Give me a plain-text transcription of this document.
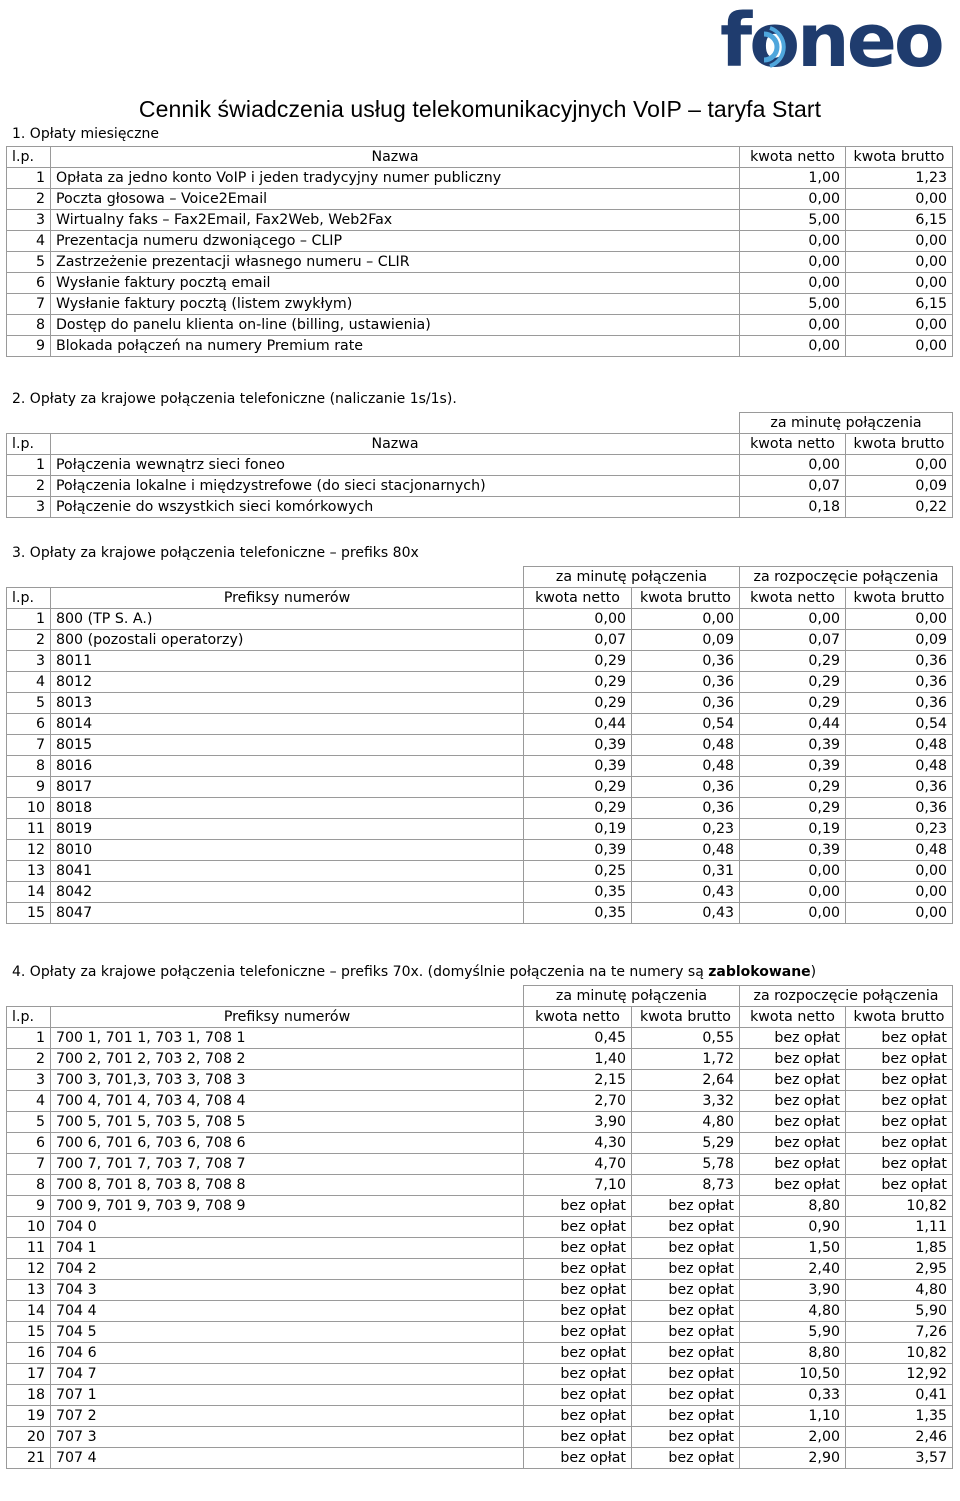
foneo
Cennik świadczenia usług telekomunikacyjnych VoIP – taryfa Start
1. Opłaty miesięczne
l.p.	Nazwa	kwota netto	kwota brutto
1	Opłata za jedno konto VoIP i jeden tradycyjny numer publiczny	1,00	1,23
2	Poczta głosowa – Voice2Email	0,00	0,00
3	Wirtualny faks – Fax2Email, Fax2Web, Web2Fax	5,00	6,15
4	Prezentacja numeru dzwoniącego – CLIP	0,00	0,00
5	Zastrzeżenie prezentacji własnego numeru – CLIR	0,00	0,00
6	Wysłanie faktury pocztą email	0,00	0,00
7	Wysłanie faktury pocztą (listem zwykłym)	5,00	6,15
8	Dostęp do panelu klienta on-line (billing, ustawienia)	0,00	0,00
9	Blokada połączeń na numery Premium rate	0,00	0,00
2. Opłaty za krajowe połączenia telefoniczne (naliczanie 1s/1s).
		za minutę połączenia	
l.p.	Nazwa	kwota netto	kwota brutto
1	Połączenia wewnątrz sieci foneo	0,00	0,00
2	Połączenia lokalne i międzystrefowe (do sieci stacjonarnych)	0,07	0,09
3	Połączenie do wszystkich sieci komórkowych	0,18	0,22
3. Opłaty za krajowe połączenia telefoniczne – prefiks 80x
		za minutę połączenia		za rozpoczęcie połączenia	
l.p.	Prefiksy numerów	kwota netto	kwota brutto	kwota netto	kwota brutto
1	800 (TP S. A.)	0,00	0,00	0,00	0,00
2	800 (pozostali operatorzy)	0,07	0,09	0,07	0,09
3	8011	0,29	0,36	0,29	0,36
4	8012	0,29	0,36	0,29	0,36
5	8013	0,29	0,36	0,29	0,36
6	8014	0,44	0,54	0,44	0,54
7	8015	0,39	0,48	0,39	0,48
8	8016	0,39	0,48	0,39	0,48
9	8017	0,29	0,36	0,29	0,36
10	8018	0,29	0,36	0,29	0,36
11	8019	0,19	0,23	0,19	0,23
12	8010	0,39	0,48	0,39	0,48
13	8041	0,25	0,31	0,00	0,00
14	8042	0,35	0,43	0,00	0,00
15	8047	0,35	0,43	0,00	0,00
4. Opłaty za krajowe połączenia telefoniczne – prefiks 70x. (domyślnie połączenia na te numery są zablokowane)
		za minutę połączenia		za rozpoczęcie połączenia	
l.p.	Prefiksy numerów	kwota netto	kwota brutto	kwota netto	kwota brutto
1	700 1, 701 1, 703 1, 708 1	0,45	0,55	bez opłat	bez opłat
2	700 2, 701 2, 703 2, 708 2	1,40	1,72	bez opłat	bez opłat
3	700 3, 701,3, 703 3, 708 3	2,15	2,64	bez opłat	bez opłat
4	700 4, 701 4, 703 4, 708 4	2,70	3,32	bez opłat	bez opłat
5	700 5, 701 5, 703 5, 708 5	3,90	4,80	bez opłat	bez opłat
6	700 6, 701 6, 703 6, 708 6	4,30	5,29	bez opłat	bez opłat
7	700 7, 701 7, 703 7, 708 7	4,70	5,78	bez opłat	bez opłat
8	700 8, 701 8, 703 8, 708 8	7,10	8,73	bez opłat	bez opłat
9	700 9, 701 9, 703 9, 708 9	bez opłat	bez opłat	8,80	10,82
10	704 0	bez opłat	bez opłat	0,90	1,11
11	704 1	bez opłat	bez opłat	1,50	1,85
12	704 2	bez opłat	bez opłat	2,40	2,95
13	704 3	bez opłat	bez opłat	3,90	4,80
14	704 4	bez opłat	bez opłat	4,80	5,90
15	704 5	bez opłat	bez opłat	5,90	7,26
16	704 6	bez opłat	bez opłat	8,80	10,82
17	704 7	bez opłat	bez opłat	10,50	12,92
18	707 1	bez opłat	bez opłat	0,33	0,41
19	707 2	bez opłat	bez opłat	1,10	1,35
20	707 3	bez opłat	bez opłat	2,00	2,46
21	707 4	bez opłat	bez opłat	2,90	3,57
